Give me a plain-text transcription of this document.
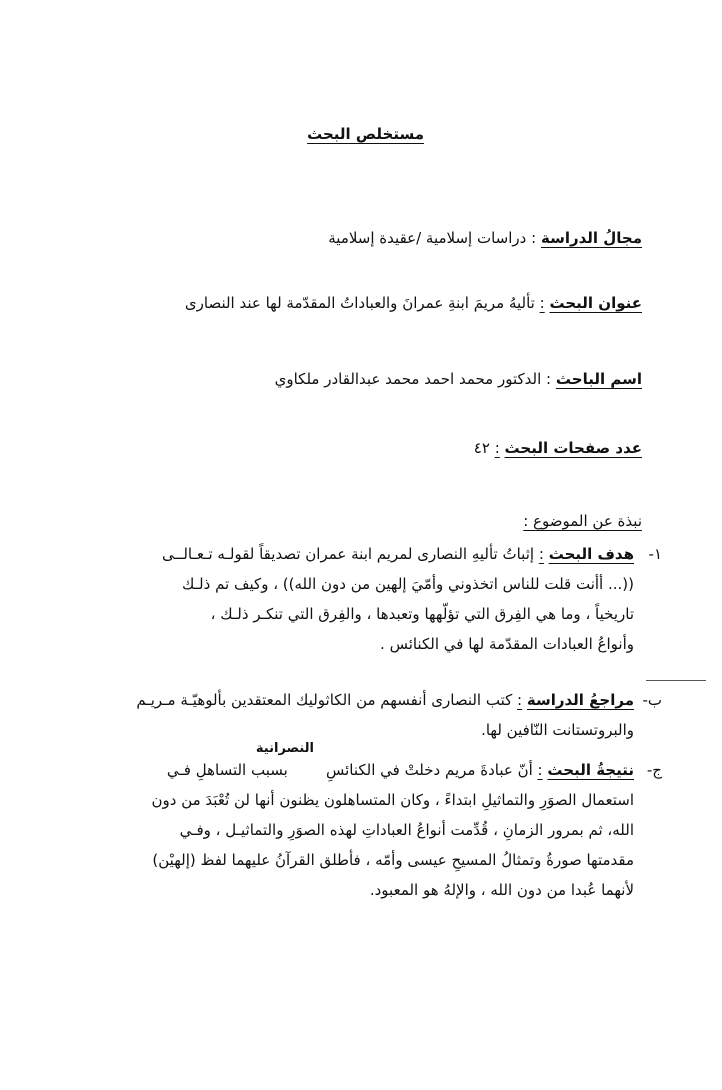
مستخلص البحث
مجالُ الدراسة : دراسات إسلامية /عقيدة إسلامية
عنوان البحث : تأليهُ مريمَ ابنةِ عمرانَ والعباداتُ المقدّمة لها عند النصارى
اسم الباحث : الدكتور محمد احمد محمد عبدالقادر ملكاوي
عدد صفحات البحث : ٤٢
نبذة عن الموضوع :
١-
هدف البحث : إثباتُ تأليهِ النصارى لمريم ابنة عمران تصديقاً لقولـه تـعـالــى
((... أأنت قلت للناس اتخذوني وأمّيَ إلهين من دون الله)) ، وكيف تم ذلـك
تاريخياً ، وما هي الفِرق التي تؤلّهها وتعبدها ، والفِرق التي تنكـر ذلـك ،
وأنواعُ العبادات المقدّمة لها في الكنائس .
ب-
مراجعُ الدراسة : كتب النصارى أنفسهم من الكاثوليك المعتقدين بألوهيّـة مـريـم
والبروتستانت النّافين لها.
النصرانية
ج-
نتيجةُ البحث : أنّ عبادةَ مريم دخلتْ في الكنائسِ        بسبب التساهلِ فـي
استعمال الصوَرِ والتماثيلِ ابتداءً ، وكان المتساهلون يظنون أنها لن تُعْبَدَ من دون
الله، ثم بمرور الزمانِ ، قُدِّمت أنواعُ العباداتِ لهذه الصوَرِ والتماثيـل ، وفـي
مقدمتها صورةُ وتمثالُ المسيحِ عيسى وأمّه ، فأطلق القرآنُ عليهما لفظ (إلهيْن)
لأنهما عُبدا من دون الله ، والإلهُ هو المعبود.
